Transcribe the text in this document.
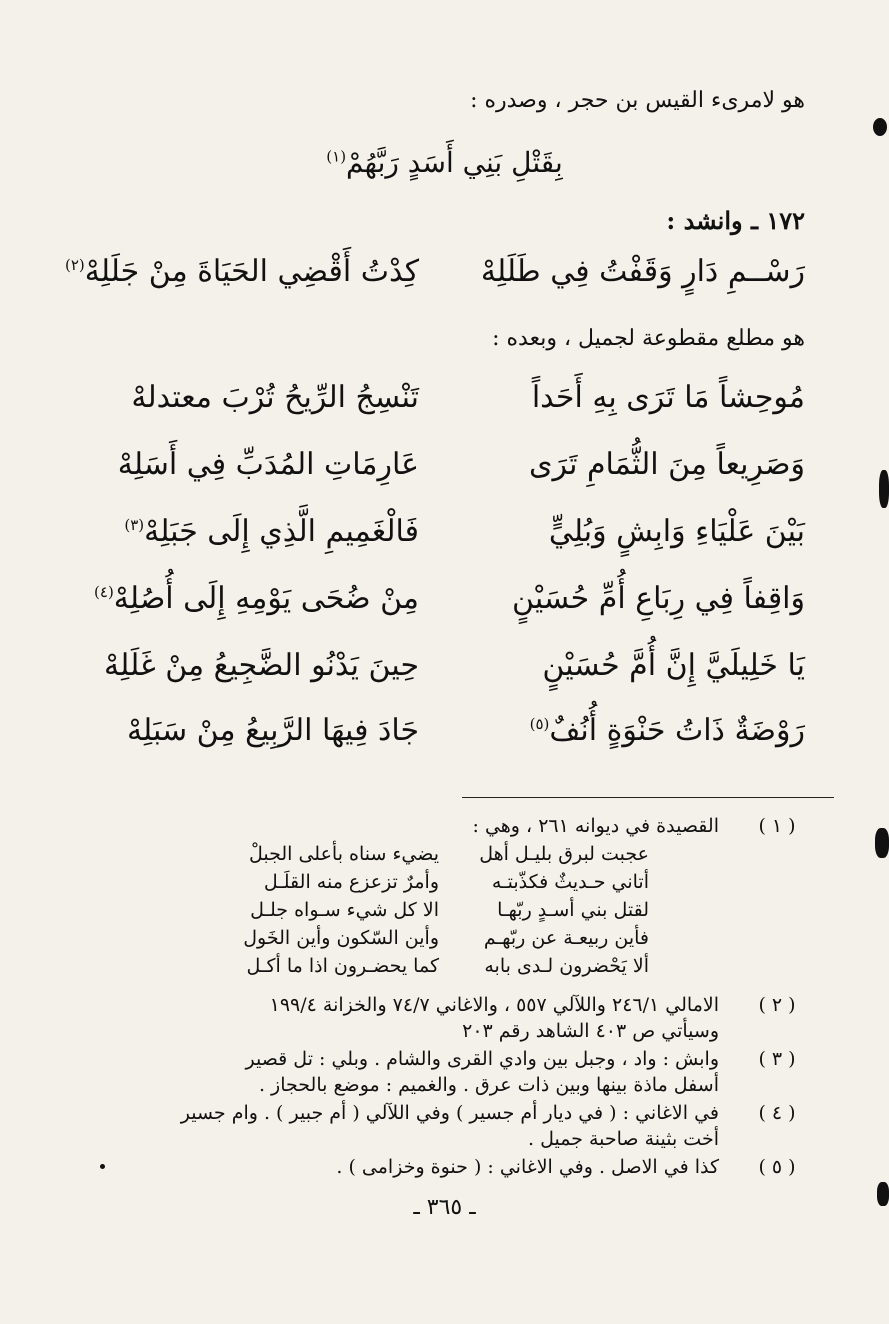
هو لامرىء القيس بن حجر ، وصدره :
بِقَتْلِ بَنِي أَسَدٍ رَبَّهُمْ$^{(١)}$
١٧٢ ـ وانشد :
رَسْــمِ دَارٍ وَقَفْتُ فِي طَلَلِهْ
كِدْتُ أَقْضِي الحَيَاةَ مِنْ جَلَلِهْ$^{(٢)}$
هو مطلع مقطوعة لجميل ، وبعده :
مُوحِشاً مَا تَرَى بِهِ أَحَداً
تَنْسِجُ الرِّيحُ تُرْبَ معتدلهْ
وَصَرِيعاً مِنَ الثُّمَامِ تَرَى
عَارِمَاتِ المُدَبِّ فِي أَسَلِهْ
بَيْنَ عَلْيَاءِ وَابِشٍ وَبُلِيٍّ
فَالْغَمِيمِ الَّذِي إِلَى جَبَلِهْ$^{(٣)}$
وَاقِفاً فِي رِبَاعِ أُمِّ حُسَيْنٍ
مِنْ ضُحَى يَوْمِهِ إِلَى أُصُلِهْ$^{(٤)}$
يَا خَلِيلَيَّ إِنَّ أُمَّ حُسَيْنٍ
حِينَ يَدْنُو الضَّجِيعُ مِنْ غَلَلِهْ
رَوْضَةٌ ذَاتُ حَنْوَةٍ أُنُفٌ$^{(٥)}$
جَادَ فِيهَا الرَّبِيعُ مِنْ سَبَلِهْ
( ١ )
القصيدة في ديوانه ٢٦١ ، وهي :
عجبت لبرق بليـل أهل
يضيء سناه بأعلى الجبلْ
أتاني حـديثٌ فكذّبتـه
وأمرٌ تزعزع منه القلَـل
لقتل بني أسـدٍ ربّهـا
الا كل شيء سـواه جلـل
فأين ربيعـة عن ربّهـم
وأين السّكون وأين الخَول
ألا يَحْضرون لـدى بابه
كما يحضـرون اذا ما أكـل
( ٢ )
الامالي ٢٤٦/١ واللآلي ٥٥٧ ، والاغاني ٧٤/٧ والخزانة ١٩٩/٤
وسيأتي ص ٤٠٣ الشاهد رقم ٢٠٣
( ٣ )
وابش : واد ، وجبل بين وادي القرى والشام . وبلي : تل قصير
أسفل ماذة بينها وبين ذات عرق . والغميم : موضع بالحجاز .
( ٤ )
في الاغاني : ( في ديار أم جسير ) وفي اللآلي ( أم جبير ) . وام جسير
أخت بثينة صاحبة جميل .
( ٥ )
كذا في الاصل . وفي الاغاني : ( حنوة وخزامى ) .
ـ ٣٦٥ ـ
